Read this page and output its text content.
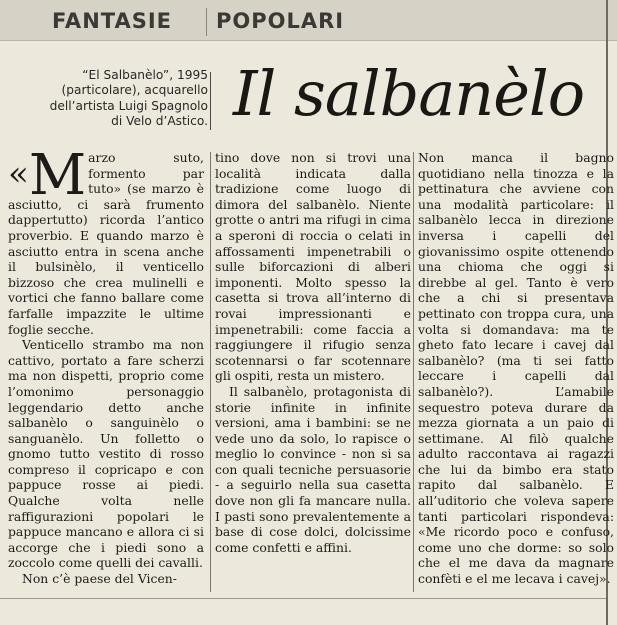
FANTASIE POPOLARI
“El Salbanèlo”, 1995
(particolare), acquarello
dell’artista Luigi Spagnolo
di Velo d’Astico. Il salbanèlo
« M arzo suto, formento par tuto» (se marzo è asciutto, ci sarà frumento dappertutto) ricorda l’antico proverbio. E quando marzo è asciutto entra in scena anche il bulsinèlo, il venticello bizzoso che crea mulinelli e vortici che fanno ballare come farfalle impazzite le ultime foglie secche.

Venticello strambo ma non cattivo, portato a fare scherzi ma non dispetti, proprio come l’omonimo personaggio leggendario detto anche salbanèlo o sanguinèlo o sanguanèlo. Un folletto o gnomo tutto vestito di rosso compreso il copricapo e con pappuce rosse ai piedi. Qualche volta nelle raffigurazioni popolari le pappuce mancano e allora ci si accorge che i piedi sono a zoccolo come quelli dei cavalli.

Non c’è paese del Vicen-

tino dove non si trovi una località indicata dalla tradizione come luogo di dimora del salbanèlo. Niente grotte o antri ma rifugi in cima a speroni di roccia o celati in affossamenti impenetrabili o sulle biforcazioni di alberi imponenti. Molto spesso la casetta si trova all’interno di rovai impressionanti e impenetrabili: come faccia a raggiungere il rifugio senza scotennarsi o far scotennare gli ospiti, resta un mistero.

Il salbanèlo, protagonista di storie infinite in infinite versioni, ama i bambini: se ne vede uno da solo, lo rapisce o meglio lo convince - non si sa con quali tecniche persuasorie - a seguirlo nella sua casetta dove non gli fa mancare nulla. I pasti sono prevalentemente a base di cose dolci, dolcissime come confetti e affini.

Non manca il bagno quotidiano nella tinozza e la pettinatura che avviene con una modalità particolare: il salbanèlo lecca in direzione inversa i capelli del giovanissimo ospite ottenendo una chioma che oggi si direbbe al gel. Tanto è vero che a chi si presentava pettinato con troppa cura, una volta si domandava: ma te gheto fato lecare i cavej dal salbanèlo? (ma ti sei fatto leccare i capelli dal salbanèlo?). L’amabile sequestro poteva durare da mezza giornata a un paio di settimane. Al filò qualche adulto raccontava ai ragazzi che lui da bimbo era stato rapito dal salbanèlo. E all’uditorio che voleva sapere tanti particolari rispondeva: «Me ricordo poco e confuso, come uno che dorme: so solo che el me dava da magnare confèti e el me lecava i cavej».
